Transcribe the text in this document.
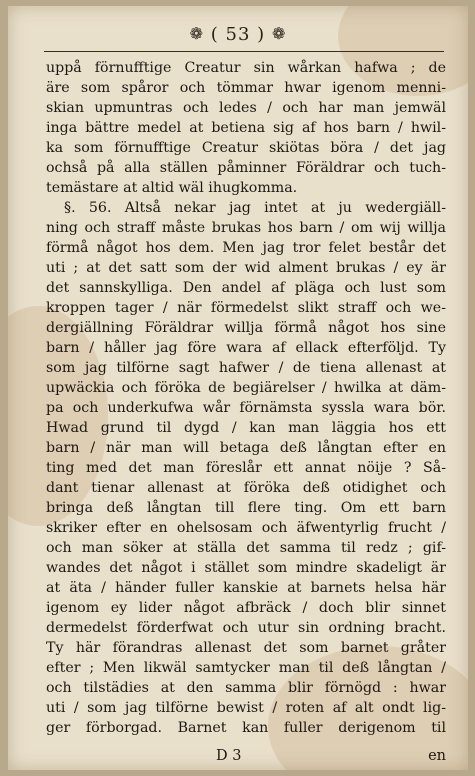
❁ ( 53 ) ❁
uppå förnufftige Creatur sin wårkan hafwa ; de
äre som spåror och tömmar hwar igenom menni-
skian upmuntras och ledes / och har man jemwäl
inga bättre medel at betiena sig af hos barn / hwil-
ka som förnufftige Creatur skiötas böra / det jag
ochså på alla ställen påminner Föräldrar och tuch-
temästare at altid wäl ihugkomma.
§. 56. Altså nekar jag intet at ju wedergiäll-
ning och straff måste brukas hos barn / om wij willja
förmå något hos dem. Men jag tror felet består det
uti ; at det satt som der wid alment brukas / ey är
det sannskylliga. Den andel af pläga och lust som
kroppen tager / när förmedelst slikt straff och we-
dergiällning Föräldrar willja förmå något hos sine
barn / håller jag före wara af ellack efterföljd. Ty
som jag tilförne sagt hafwer / de tiena allenast at
upwäckia och föröka de begiärelser / hwilka at däm-
pa och underkufwa wår förnämsta syssla wara bör.
Hwad grund til dygd / kan man läggia hos ett
barn / när man will betaga deß långtan efter en
ting med det man föreslår ett annat nöije ? Så-
dant tienar allenast at föröka deß otidighet och
bringa deß långtan till flere ting. Om ett barn
skriker efter en ohelsosam och äfwentyrlig frucht /
och man söker at ställa det samma til redz ; gif-
wandes det något i stället som mindre skadeligt är
at äta / händer fuller kanskie at barnets helsa här
igenom ey lider något afbräck / doch blir sinnet
dermedelst förderfwat och utur sin ordning bracht.
Ty här förandras allenast det som barnet gråter
efter ; Men likwäl samtycker man til deß långtan /
och tilstädies at den samma blir förnögd : hwar
uti / som jag tilförne bewist / roten af alt ondt lig-
ger förborgad. Barnet kan fuller derigenom til
D 3	en
